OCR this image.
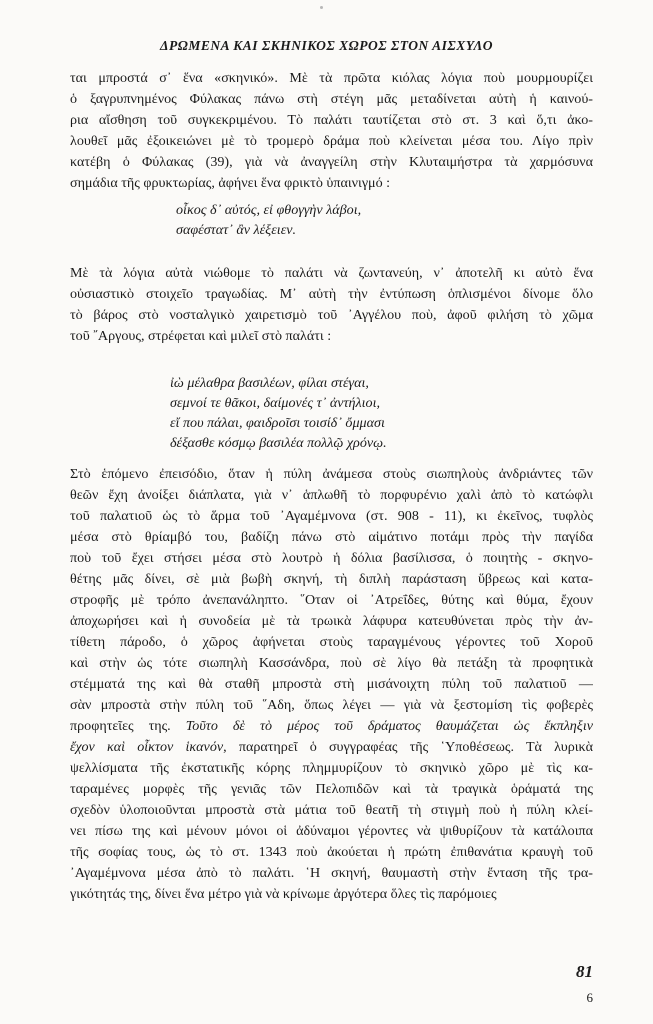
ΔΡΩΜΕΝΑ ΚΑΙ ΣΚΗΝΙΚΟΣ ΧΩΡΟΣ ΣΤΟΝ ΑΙΣΧΥΛΟ
ται μπροστά σ᾽ ἕνα «σκηνικό». Μὲ τὰ πρῶτα κιόλας λόγια ποὺ μουρμουρίζει
ὁ ξαγρυπνημένος Φύλακας πάνω στὴ στέγη μᾶς μεταδίνεται αὐτὴ ἡ καινού-
ρια αἴσθηση τοῦ συγκεκριμένου. Τὸ παλάτι ταυτίζεται στὸ στ. 3 καὶ ὅ,τι ἀκο-
λουθεῖ μᾶς ἐξοικειώνει μὲ τὸ τρομερὸ δράμα ποὺ κλείνεται μέσα του. Λίγο πρὶν
κατέβη ὁ Φύλακας (39), γιὰ νὰ ἀναγγείλη στὴν Κλυταιμήστρα τὰ χαρμόσυνα
σημάδια τῆς φρυκτωρίας, ἀφήνει ἕνα φρικτὸ ὑπαινιγμό :
οἶκος δ᾽ αὐτός, εἰ φθογγὴν λάβοι,
σαφέστατ᾽ ἂν λέξειεν.
Μὲ τὰ λόγια αὐτὰ νιώθομε τὸ παλάτι νὰ ζωντανεύη, ν᾽ ἀποτελῆ κι αὐτὸ ἕνα
οὐσιαστικὸ στοιχεῖο τραγωδίας. Μ᾽ αὐτὴ τὴν ἐντύπωση ὁπλισμένοι δίνομε ὅλο
τὸ βάρος στὸ νοσταλγικὸ χαιρετισμὸ τοῦ ᾽Αγγέλου ποὺ, ἀφοῦ φιλήση τὸ χῶμα
τοῦ ῎Αργους, στρέφεται καὶ μιλεῖ στὸ παλάτι :
ἰὼ μέλαθρα βασιλέων, φίλαι στέγαι,
σεμνοί τε θᾶκοι, δαίμονές τ᾽ ἀντήλιοι,
εἴ που πάλαι, φαιδροῖσι τοισίδ᾽ ὄμμασι
δέξασθε κόσμῳ βασιλέα πολλῷ χρόνῳ.
Στὸ ἑπόμενο ἐπεισόδιο, ὅταν ἡ πύλη ἀνάμεσα στοὺς σιωπηλοὺς ἀνδριάντες τῶν
θεῶν ἔχη ἀνοίξει διάπλατα, γιὰ ν᾽ ἁπλωθῆ τὸ πορφυρένιο χαλὶ ἀπὸ τὸ κατώφλι
τοῦ παλατιοῦ ὡς τὸ ἅρμα τοῦ ᾽Αγαμέμνονα (στ. 908 - 11), κι ἐκεῖνος, τυφλὸς
μέσα στὸ θρίαμβό του, βαδίζη πάνω στὸ αἱμάτινο ποτάμι πρὸς τὴν παγίδα
ποὺ τοῦ ἔχει στήσει μέσα στὸ λουτρὸ ἡ δόλια βασίλισσα, ὁ ποιητὴς - σκηνο-
θέτης μᾶς δίνει, σὲ μιὰ βωβὴ σκηνή, τὴ διπλὴ παράσταση ὕβρεως καὶ κατα-
στροφῆς μὲ τρόπο ἀνεπανάληπτο. ῞Οταν οἱ ᾽Ατρεΐδες, θύτης καὶ θύμα, ἔχουν
ἀποχωρήσει καὶ ἡ συνοδεία μὲ τὰ τρωικὰ λάφυρα κατευθύνεται πρὸς τὴν ἀν-
τίθετη πάροδο, ὁ χῶρος ἀφήνεται στοὺς ταραγμένους γέροντες τοῦ Χοροῦ
καὶ στὴν ὡς τότε σιωπηλὴ Κασσάνδρα, ποὺ σὲ λίγο θὰ πετάξη τὰ προφητικὰ
στέμματά της καὶ θὰ σταθῆ μπροστὰ στὴ μισάνοιχτη πύλη τοῦ παλατιοῦ —
σὰν μπροστὰ στὴν πύλη τοῦ ῞Αδη, ὅπως λέγει — γιὰ νὰ ξεστομίση τὶς φοβερὲς
προφητεῖες της. Τοῦτο δὲ τὸ μέρος τοῦ δράματος θαυμάζεται ὡς ἔκπληξιν
ἔχον καὶ οἶκτον ἱκανόν, παρατηρεῖ ὁ συγγραφέας τῆς ῾Υποθέσεως. Τὰ λυρικὰ
ψελλίσματα τῆς ἐκστατικῆς κόρης πλημμυρίζουν τὸ σκηνικὸ χῶρο μὲ τὶς κα-
ταραμένες μορφὲς τῆς γενιᾶς τῶν Πελοπιδῶν καὶ τὰ τραγικὰ ὁράματά της
σχεδὸν ὑλοποιοῦνται μπροστὰ στὰ μάτια τοῦ θεατῆ τὴ στιγμὴ ποὺ ἡ πύλη κλεί-
νει πίσω της καὶ μένουν μόνοι οἱ ἀδύναμοι γέροντες νὰ ψιθυρίζουν τὰ κατάλοιπα
τῆς σοφίας τους, ὡς τὸ στ. 1343 ποὺ ἀκούεται ἡ πρώτη ἐπιθανάτια κραυγὴ τοῦ
᾽Αγαμέμνονα μέσα ἀπὸ τὸ παλάτι. ῾Η σκηνή, θαυμαστὴ στὴν ἔνταση τῆς τρα-
γικότητάς της, δίνει ἕνα μέτρο γιὰ νὰ κρίνωμε ἀργότερα ὅλες τὶς παρόμοιες
81
6
